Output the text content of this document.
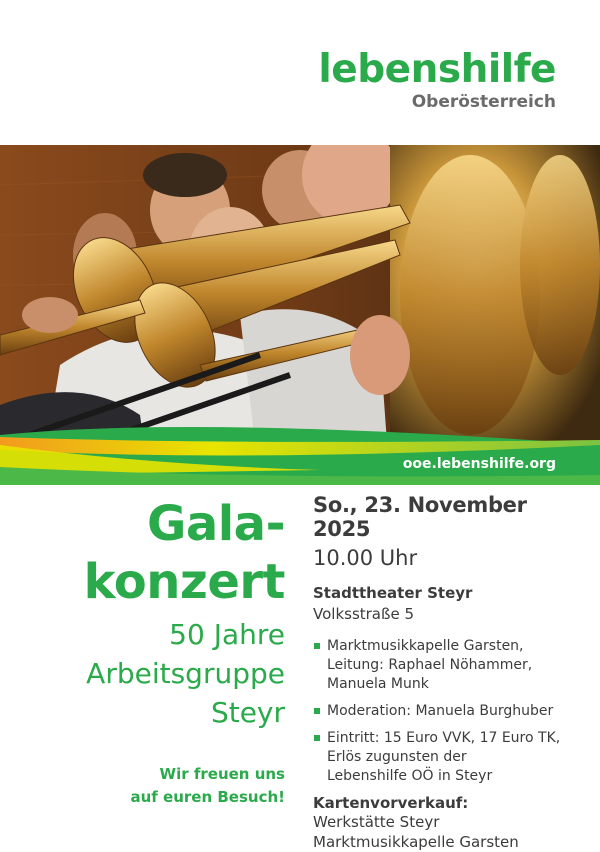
lebenshilfe
Oberösterreich
ooe.lebenshilfe.org
Gala-
konzert
50 Jahre
Arbeitsgruppe
Steyr
Wir freuen uns
auf euren Besuch!
So., 23. November 2025
10.00 Uhr
Stadttheater Steyr
Volksstraße 5
Marktmusikkapelle Garsten,
Leitung: Raphael Nöhammer,
Manuela Munk
Moderation: Manuela Burghuber
Eintritt: 15 Euro VVK, 17 Euro TK,
Erlös zugunsten der
Lebenshilfe OÖ in Steyr
Kartenvorverkauf:
Werkstätte Steyr
Marktmusikkapelle Garsten
